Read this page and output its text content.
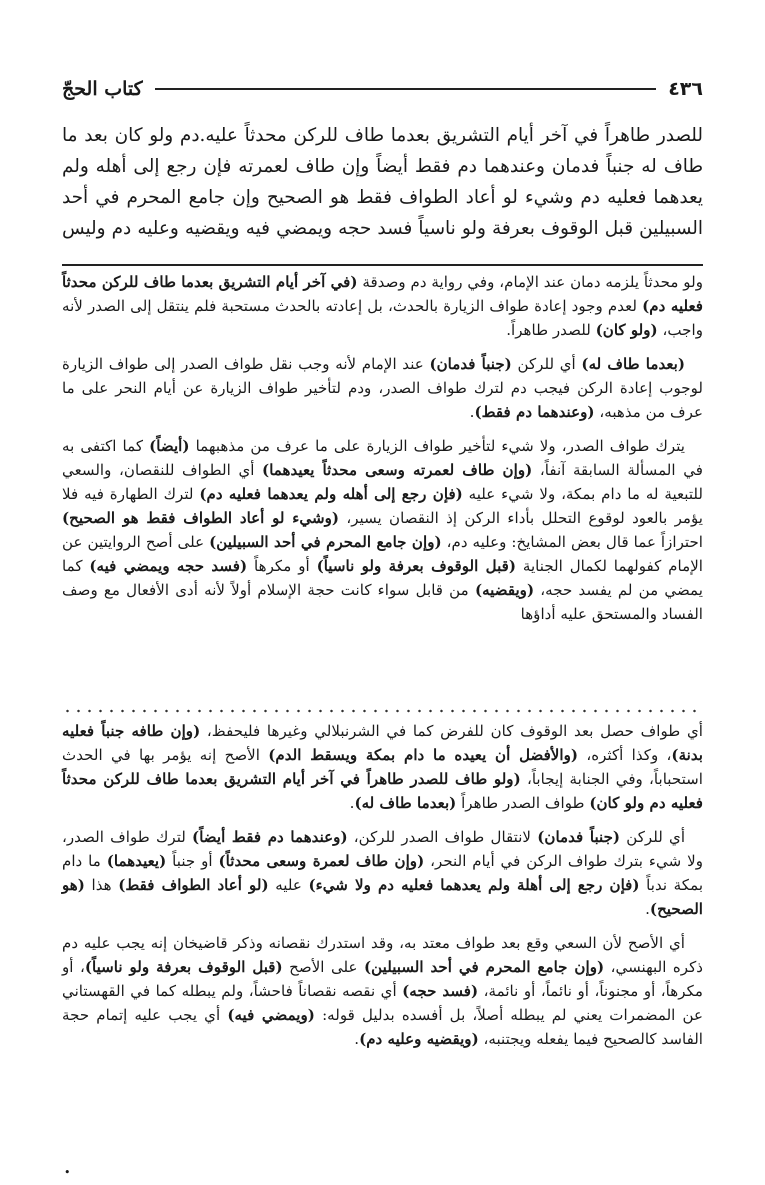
٤٣٦
كتاب الحجّ

للصدر طاهراً في آخر أيام التشريق بعدما طاف للركن محدثاً عليه.دم ولو كان بعد ما طاف له جنباً فدمان وعندهما دم فقط أيضاً وإن طاف لعمرته فإن رجع إلى أهله ولم يعدهما فعليه دم وشيء لو أعاد الطواف فقط هو الصحيح وإن جامع المحرم في أحد السبيلين قبل الوقوف بعرفة ولو ناسياً فسد حجه ويمضي فيه ويقضيه وعليه دم وليس

ولو محدثاً يلزمه دمان عند الإمام، وفي رواية دم وصدقة (في آخر أيام التشريق بعدما طاف للركن محدثاً فعليه دم) لعدم وجود إعادة طواف الزيارة بالحدث، بل إعادته بالحدث مستحبة فلم ينتقل إلى الصدر لأنه واجب، (ولو كان) للصدر طاهراً.

(بعدما طاف له) أي للركن (جنباً فدمان) عند الإمام لأنه وجب نقل طواف الصدر إلى طواف الزيارة لوجوب إعادة الركن فيجب دم لترك طواف الصدر، ودم لتأخير طواف الزيارة عن أيام النحر على ما عرف من مذهبه، (وعندهما دم فقط).

يترك طواف الصدر، ولا شيء لتأخير طواف الزيارة على ما عرف من مذهبهما (أيضاً) كما اكتفى به في المسألة السابقة آنفاً، (وإن طاف لعمرته وسعى محدثاً يعيدهما) أي الطواف للنقصان، والسعي للتبعية له ما دام بمكة، ولا شيء عليه (فإن رجع إلى أهله ولم يعدهما فعليه دم) لترك الطهارة فيه فلا يؤمر بالعود لوقوع التحلل بأداء الركن إذ النقصان يسير، (وشيء لو أعاد الطواف فقط هو الصحيح) احترازاً عما قال بعض المشايخ: وعليه دم، (وإن جامع المحرم في أحد السبيلين) على أصح الروايتين عن الإمام كفولهما لكمال الجناية (قبل الوقوف بعرفة ولو ناسياً) أو مكرهاً (فسد حجه ويمضي فيه) كما يمضي من لم يفسد حجه، (ويقضيه) من قابل سواء كانت حجة الإسلام أولاً لأنه أدى الأفعال مع وصف الفساد والمستحق عليه أداؤها

أي طواف حصل بعد الوقوف كان للفرض كما في الشرنبلالي وغيرها فليحفظ، (وإن طافه جنباً فعليه بدنة)، وكذا أكثره، (والأفضل أن يعيده ما دام بمكة ويسقط الدم) الأصح إنه يؤمر بها في الحدث استحباباً، وفي الجنابة إيجاباً، (ولو طاف للصدر طاهراً في آخر أيام التشريق بعدما طاف للركن محدثاً فعليه دم ولو كان) طواف الصدر طاهراً (بعدما طاف له).

أي للركن (جنباً فدمان) لانتقال طواف الصدر للركن، (وعندهما دم فقط أيضاً) لترك طواف الصدر، ولا شيء بترك طواف الركن في أيام النحر، (وإن طاف لعمرة وسعى محدثاً) أو جنباً (يعيدهما) ما دام بمكة ندباً (فإن رجع إلى أهلة ولم يعدهما فعليه دم ولا شيء) عليه (لو أعاد الطواف فقط) هذا (هو الصحيح).

أي الأصح لأن السعي وقع بعد طواف معتد به، وقد استدرك نقصانه وذكر قاضيخان إنه يجب عليه دم ذكره البهنسي، (وإن جامع المحرم في أحد السبيلين) على الأصح (قبل الوقوف بعرفة ولو ناسياً)، أو مكرهاً، أو مجنوناً، أو نائماً، أو نائمة، (فسد حجه) أي نقصه نقصاناً فاحشاً، ولم يبطله كما في القهستاني عن المضمرات يعني لم يبطله أصلاً، بل أفسده بدليل قوله: (ويمضي فيه) أي يجب عليه إتمام حجة الفاسد كالصحيح فيما يفعله ويجتنبه، (ويقضيه وعليه دم).

•
